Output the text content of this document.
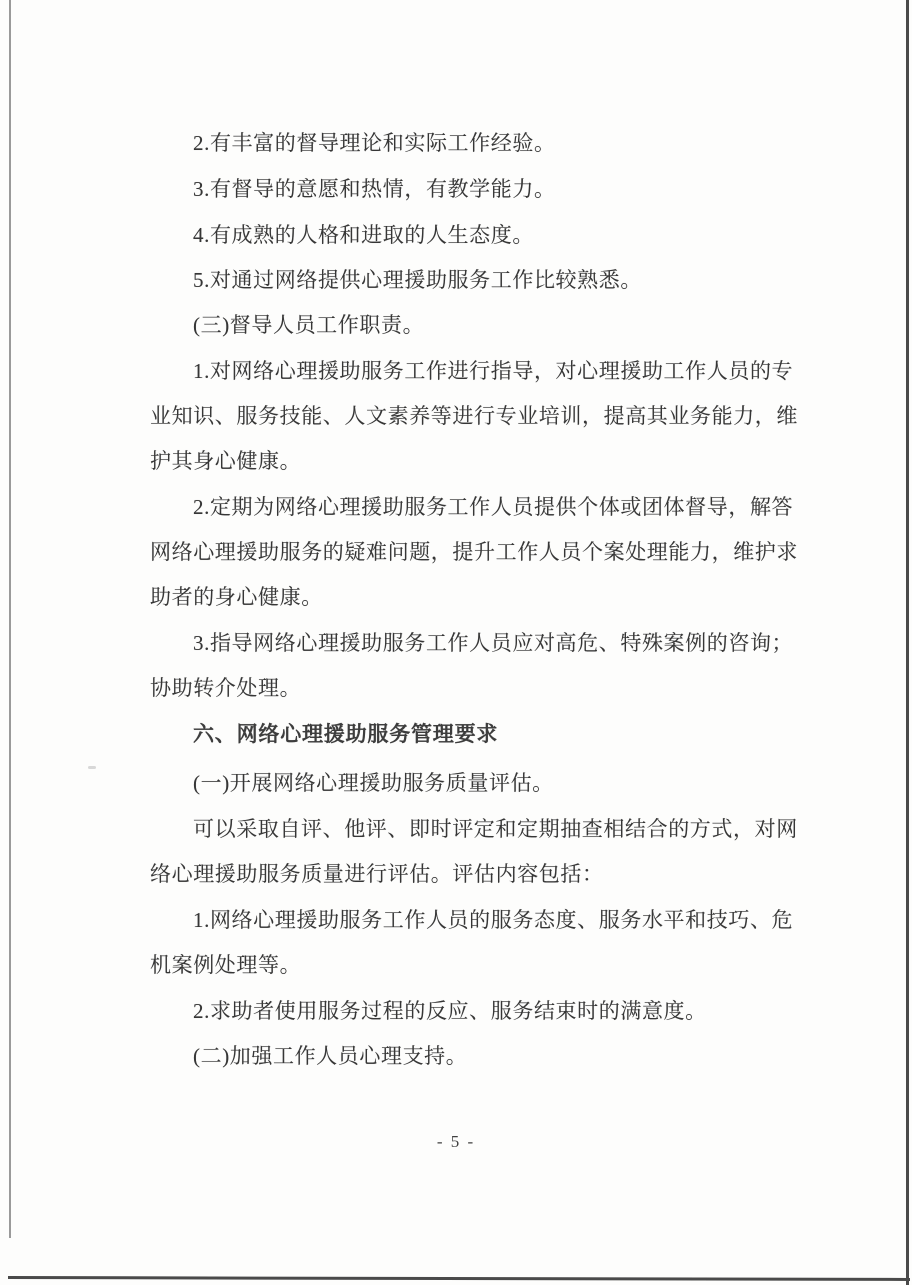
2.有丰富的督导理论和实际工作经验。
3.有督导的意愿和热情，有教学能力。
4.有成熟的人格和进取的人生态度。
5.对通过网络提供心理援助服务工作比较熟悉。
(三)督导人员工作职责。
1.对网络心理援助服务工作进行指导，对心理援助工作人员的专
业知识、服务技能、人文素养等进行专业培训，提高其业务能力，维
护其身心健康。
2.定期为网络心理援助服务工作人员提供个体或团体督导，解答
网络心理援助服务的疑难问题，提升工作人员个案处理能力，维护求
助者的身心健康。
3.指导网络心理援助服务工作人员应对高危、特殊案例的咨询；
协助转介处理。
六、网络心理援助服务管理要求
(一)开展网络心理援助服务质量评估。
可以采取自评、他评、即时评定和定期抽查相结合的方式，对网
络心理援助服务质量进行评估。评估内容包括：
1.网络心理援助服务工作人员的服务态度、服务水平和技巧、危
机案例处理等。
2.求助者使用服务过程的反应、服务结束时的满意度。
(二)加强工作人员心理支持。
- 5 -
